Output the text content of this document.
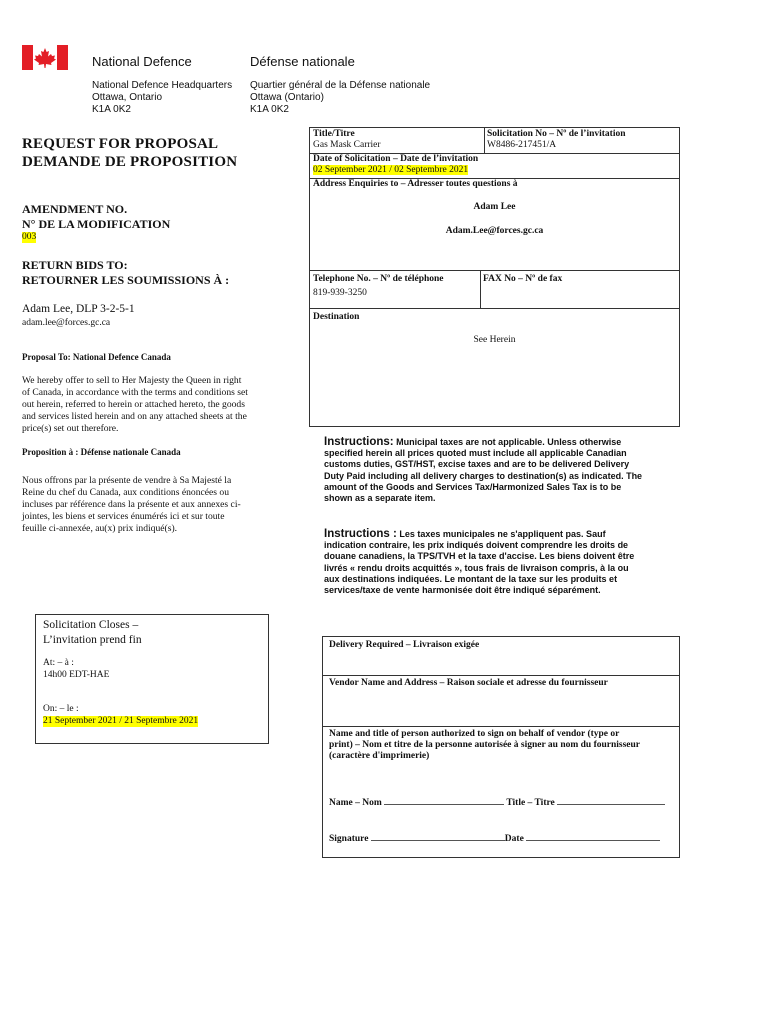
National Defence	Défense nationale
National Defence Headquarters
Ottawa, Ontario
K1A 0K2
Quartier général de la Défense nationale
Ottawa (Ontario)
K1A 0K2
REQUEST FOR PROPOSAL
DEMANDE DE PROPOSITION
AMENDMENT NO.
N° DE LA MODIFICATION
003
RETURN BIDS TO:
RETOURNER LES SOUMISSIONS À :
Adam Lee, DLP 3-2-5-1
adam.lee@forces.gc.ca
Proposal To: National Defence Canada
We hereby offer to sell to Her Majesty the Queen in right of Canada, in accordance with the terms and conditions set out herein, referred to herein or attached hereto, the goods and services listed herein and on any attached sheets at the price(s) set out therefore.
Proposition à : Défense nationale Canada
Nous offrons par la présente de vendre à Sa Majesté la Reine du chef du Canada, aux conditions énoncées ou incluses par référence dans la présente et aux annexes ci-jointes, les biens et services énumérés ici et sur toute feuille ci-annexée, au(x) prix indiqué(s).
Solicitation Closes –
L’invitation prend fin
At: – à :
14h00 EDT-HAE
On: – le :
21 September 2021 / 21 Septembre 2021
Title/Titre
Gas Mask Carrier
Solicitation No – Nº de l’invitation
W8486-217451/A
Date of Solicitation – Date de l’invitation
02 September 2021 / 02 Septembre 2021
Address Enquiries to – Adresser toutes questions à
Adam Lee
Adam.Lee@forces.gc.ca
Telephone No. – Nº de téléphone
819-939-3250
FAX No – Nº de fax
Destination
See Herein
Instructions: Municipal taxes are not applicable. Unless otherwise specified herein all prices quoted must include all applicable Canadian customs duties, GST/HST, excise taxes and are to be delivered Delivery Duty Paid including all delivery charges to destination(s) as indicated. The amount of the Goods and Services Tax/Harmonized Sales Tax is to be shown as a separate item.
Instructions : Les taxes municipales ne s'appliquent pas. Sauf indication contraire, les prix indiqués doivent comprendre les droits de douane canadiens, la TPS/TVH et la taxe d'accise. Les biens doivent être livrés « rendu droits acquittés », tous frais de livraison compris, à la ou aux destinations indiquées. Le montant de la taxe sur les produits et services/taxe de vente harmonisée doit être indiqué séparément.
Delivery Required – Livraison exigée
Vendor Name and Address – Raison sociale et adresse du fournisseur
Name and title of person authorized to sign on behalf of vendor (type or print) – Nom et titre de la personne autorisée à signer au nom du fournisseur (caractère d'imprimerie)
Name – Nom	Title – Titre
Signature	Date
